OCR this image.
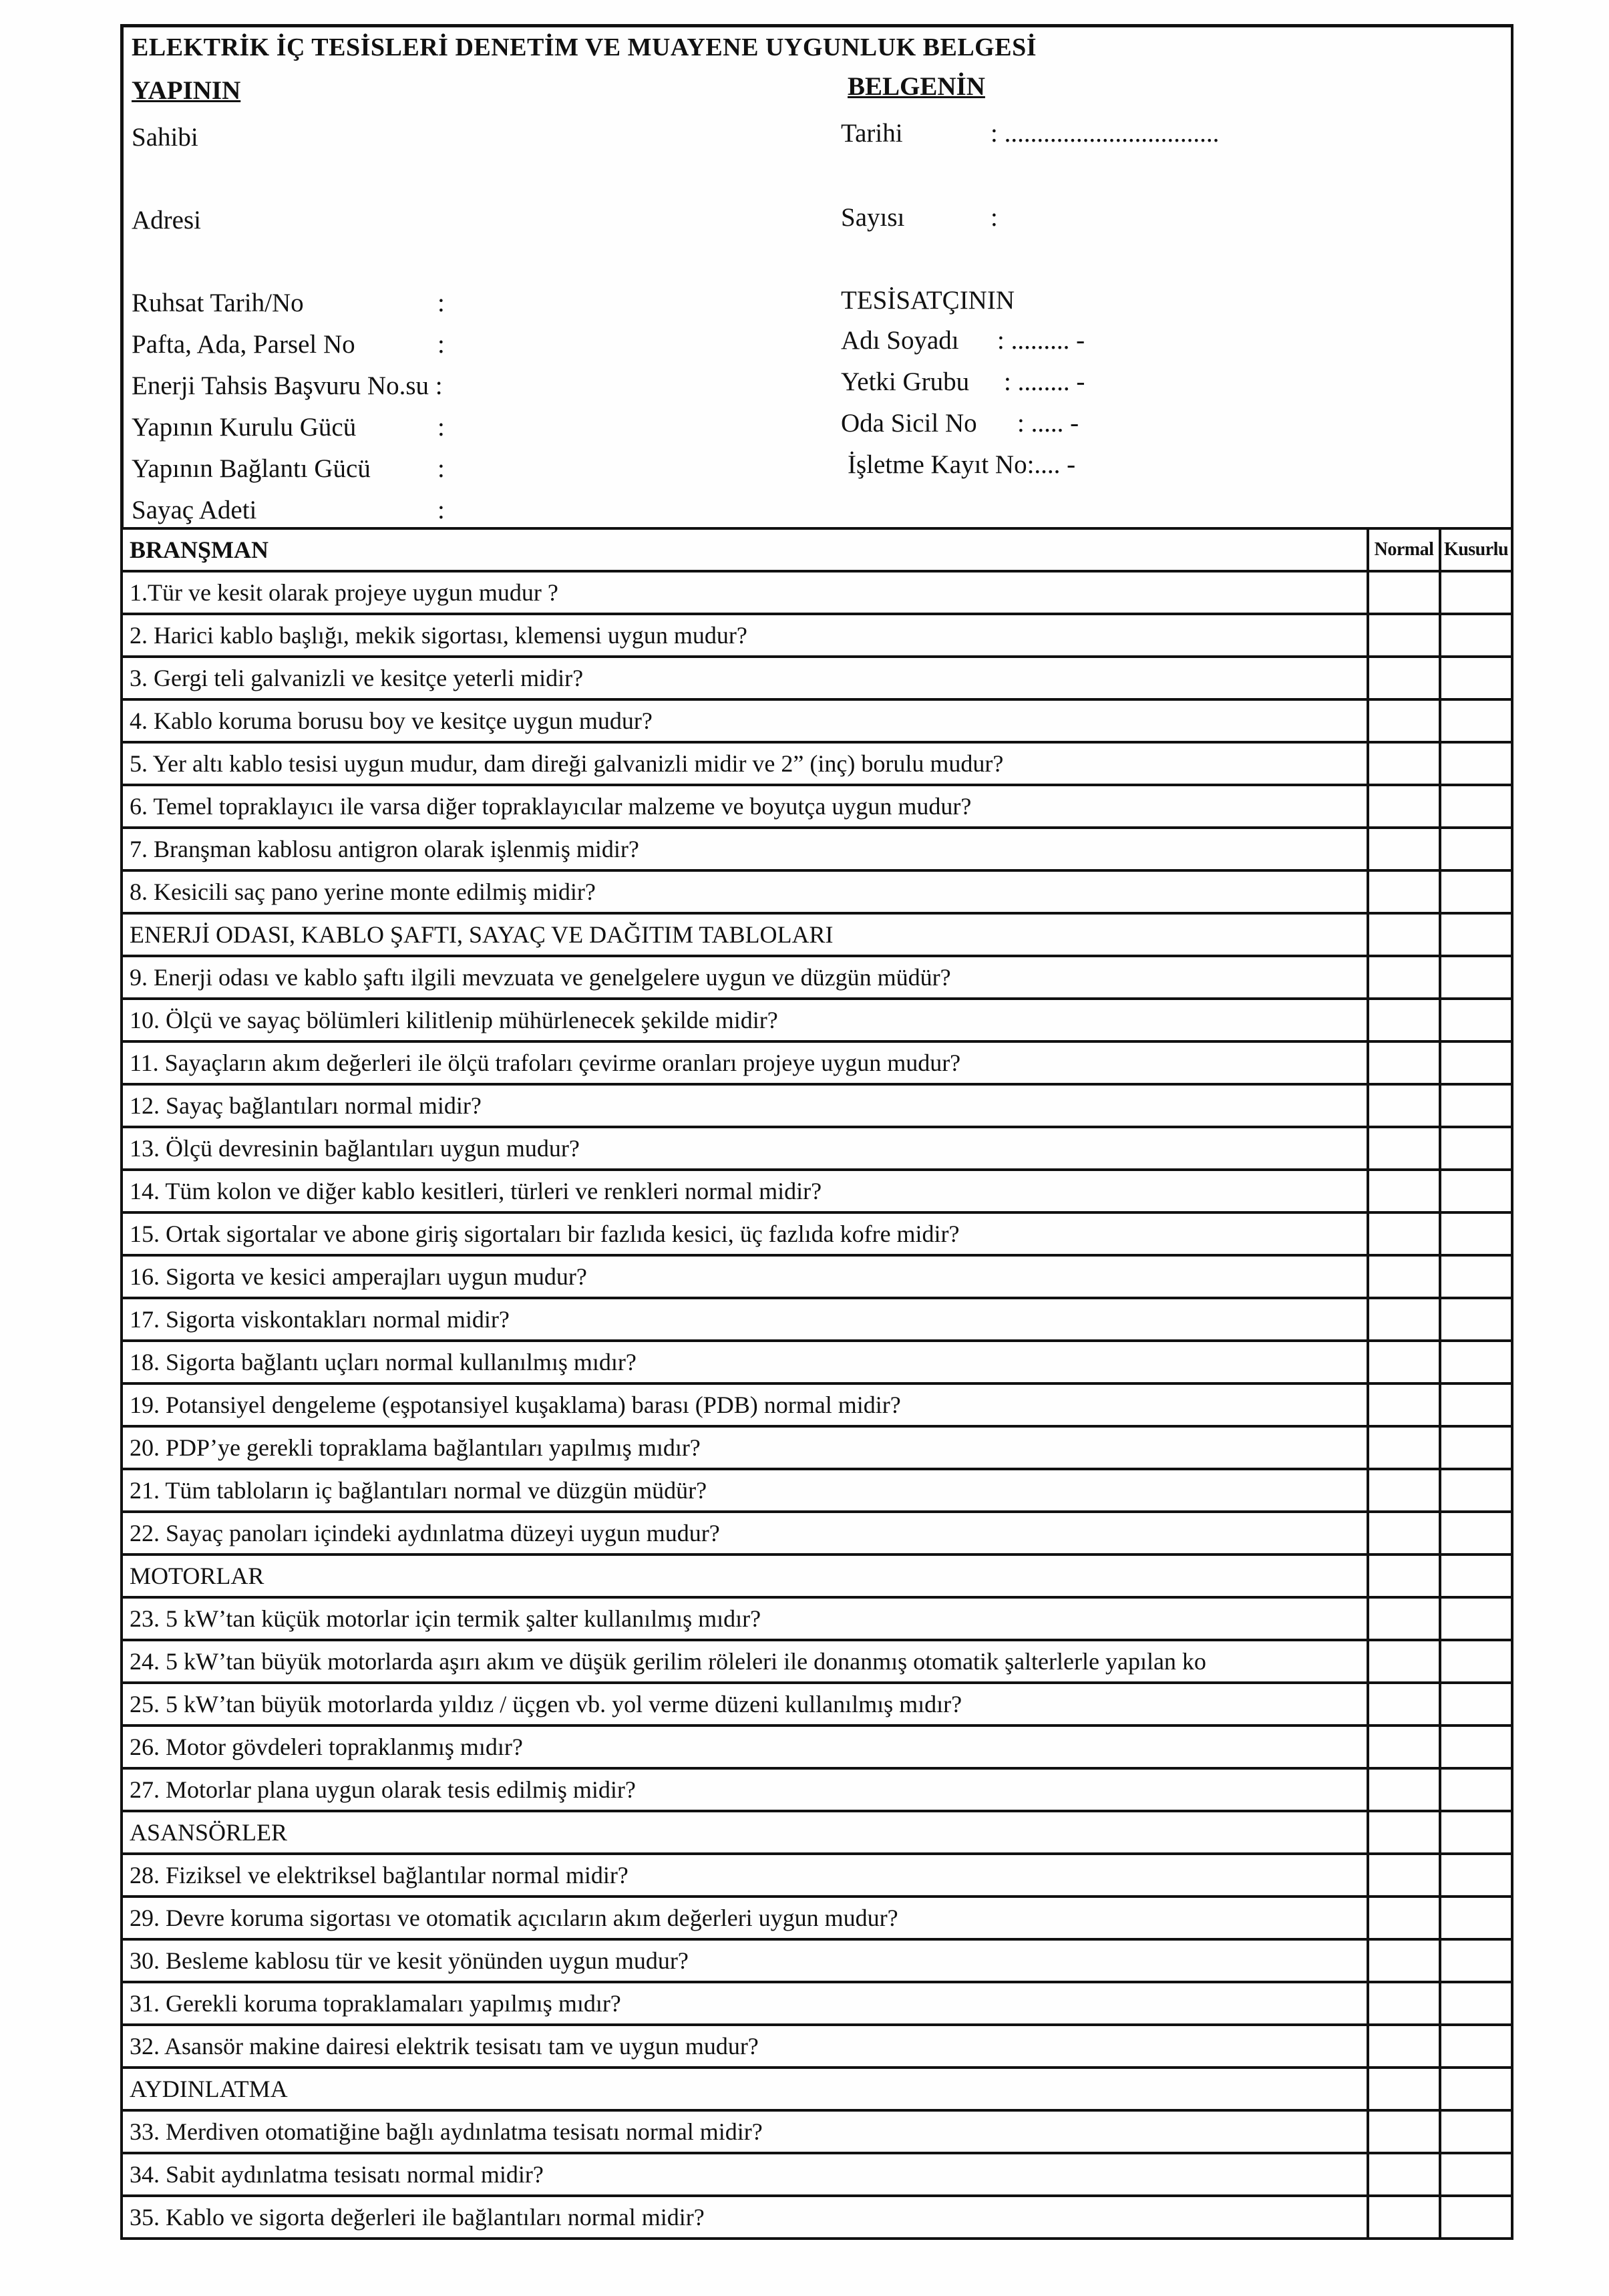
ELEKTRİK İÇ TESİSLERİ DENETİM VE MUAYENE UYGUNLUK BELGESİ
YAPININ	BELGENİN
Sahibi	Tarihi	: .................................
Adresi	Sayısı	:
Ruhsat Tarih/No	:
Pafta, Ada, Parsel No	:
Enerji Tahsis Başvuru No.su :
Yapının Kurulu Gücü	:
Yapının Bağlantı Gücü	:
Sayaç Adeti	:
TESİSATÇININ
Adı Soyadı : ......... -
Yetki Grubu : ........ -
Oda Sicil No : ..... -
İşletme Kayıt No:.... -
BRANŞMAN	Normal	Kusurlu
1.Tür ve kesit olarak projeye uygun mudur ?		
2. Harici kablo başlığı, mekik sigortası, klemensi uygun mudur?		
3. Gergi teli galvanizli ve kesitçe yeterli midir?		
4. Kablo koruma borusu boy ve kesitçe uygun mudur?		
5. Yer altı kablo tesisi uygun mudur, dam direği galvanizli midir ve 2” (inç) borulu mudur?		
6. Temel topraklayıcı ile varsa diğer topraklayıcılar malzeme ve boyutça uygun mudur?		
7. Branşman kablosu antigron olarak işlenmiş midir?		
8. Kesicili saç pano yerine monte edilmiş midir?		
ENERJİ ODASI, KABLO ŞAFTI, SAYAÇ VE DAĞITIM TABLOLARI		
9. Enerji odası ve kablo şaftı ilgili mevzuata ve genelgelere uygun ve düzgün müdür?		
10. Ölçü ve sayaç bölümleri kilitlenip mühürlenecek şekilde midir?		
11. Sayaçların akım değerleri ile ölçü trafoları çevirme oranları projeye uygun mudur?		
12. Sayaç bağlantıları normal midir?		
13. Ölçü devresinin bağlantıları uygun mudur?		
14. Tüm kolon ve diğer kablo kesitleri, türleri ve renkleri normal midir?		
15. Ortak sigortalar ve abone giriş sigortaları bir fazlıda kesici, üç fazlıda kofre midir?		
16. Sigorta ve kesici amperajları uygun mudur?		
17. Sigorta viskontakları normal midir?		
18. Sigorta bağlantı uçları normal kullanılmış mıdır?		
19. Potansiyel dengeleme (eşpotansiyel kuşaklama) barası (PDB) normal midir?		
20. PDP’ye gerekli topraklama bağlantıları yapılmış mıdır?		
21. Tüm tabloların iç bağlantıları normal ve düzgün müdür?		
22. Sayaç panoları içindeki aydınlatma düzeyi uygun mudur?		
MOTORLAR		
23. 5 kW’tan küçük motorlar için termik şalter kullanılmış mıdır?		
24. 5 kW’tan büyük motorlarda aşırı akım ve düşük gerilim röleleri ile donanmış otomatik şalterlerle yapılan ko		
25. 5 kW’tan büyük motorlarda yıldız / üçgen vb. yol verme düzeni kullanılmış mıdır?		
26. Motor gövdeleri topraklanmış mıdır?		
27. Motorlar plana uygun olarak tesis edilmiş midir?		
ASANSÖRLER		
28. Fiziksel ve elektriksel bağlantılar normal midir?		
29. Devre koruma sigortası ve otomatik açıcıların akım değerleri uygun mudur?		
30. Besleme kablosu tür ve kesit yönünden uygun mudur?		
31. Gerekli koruma topraklamaları yapılmış mıdır?		
32. Asansör makine dairesi elektrik tesisatı tam ve uygun mudur?		
AYDINLATMA		
33. Merdiven otomatiğine bağlı aydınlatma tesisatı normal midir?		
34. Sabit aydınlatma tesisatı normal midir?		
35. Kablo ve sigorta değerleri ile bağlantıları normal midir?		
